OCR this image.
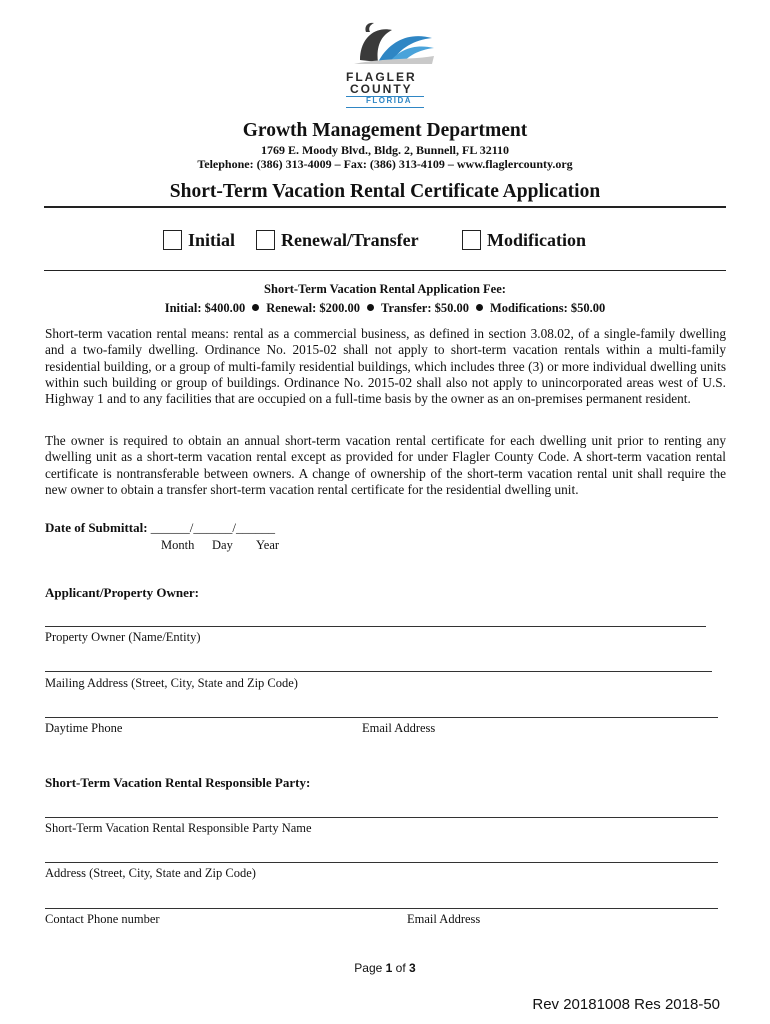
FLAGLER
COUNTY
FLORIDA
Growth Management Department
1769 E. Moody Blvd., Bldg. 2, Bunnell, FL 32110
Telephone: (386) 313-4009 – Fax: (386) 313-4109 – www.flaglercounty.org
Short-Term Vacation Rental Certificate Application
Initial	Renewal/Transfer	Modification
Short-Term Vacation Rental Application Fee:
Initial: $400.00 Renewal: $200.00 Transfer: $50.00 Modifications: $50.00
Short-term vacation rental means: rental as a commercial business, as defined in section 3.08.02, of a single-family dwelling and a two-family dwelling. Ordinance No. 2015-02 shall not apply to short-term vacation rentals within a multi-family residential building, or a group of multi-family residential buildings, which includes three (3) or more individual dwelling units within such building or group of buildings. Ordinance No. 2015-02 shall also not apply to unincorporated areas west of U.S. Highway 1 and to any facilities that are occupied on a full-time basis by the owner as an on-premises permanent resident.
The owner is required to obtain an annual short-term vacation rental certificate for each dwelling unit prior to renting any dwelling unit as a short-term vacation rental except as provided for under Flagler County Code. A short-term vacation rental certificate is nontransferable between owners. A change of ownership of the short-term vacation rental unit shall require the new owner to obtain a transfer short-term vacation rental certificate for the residential dwelling unit.
Date of Submittal: ______/______/______
Month Day Year
Applicant/Property Owner:
Property Owner (Name/Entity)
Mailing Address (Street, City, State and Zip Code)
Daytime Phone	Email Address
Short-Term Vacation Rental Responsible Party:
Short-Term Vacation Rental Responsible Party Name
Address (Street, City, State and Zip Code)
Contact Phone number	Email Address
Page 1 of 3
Rev 20181008 Res 2018-50
